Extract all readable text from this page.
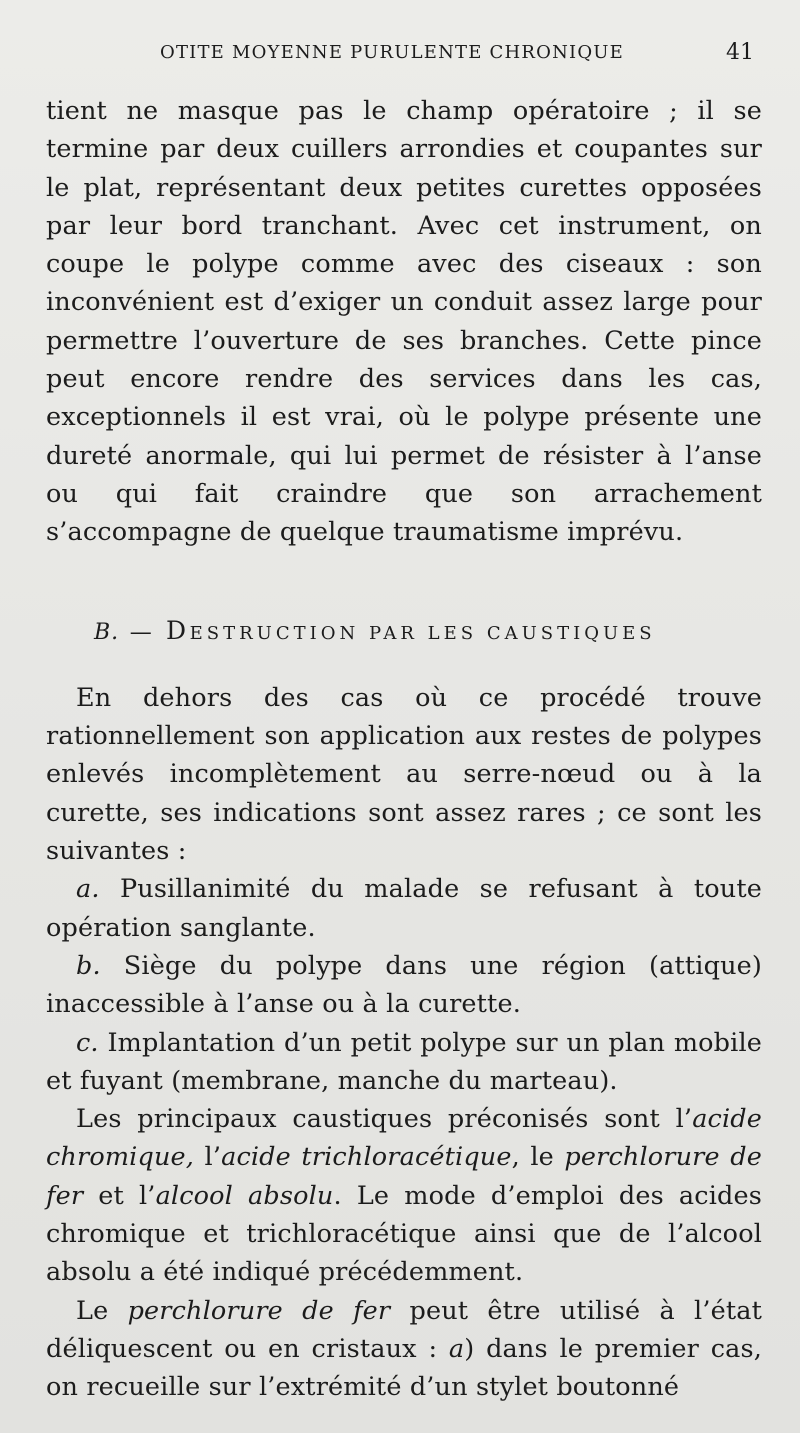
OTITE MOYENNE PURULENTE CHRONIQUE	41

tient ne masque pas le champ opératoire ; il se termine par deux cuillers arrondies et coupantes sur le plat, représentant deux petites curettes opposées par leur bord tranchant. Avec cet instrument, on coupe le polype comme avec des ciseaux : son inconvénient est d’exiger un conduit assez large pour permettre l’ouverture de ses branches. Cette pince peut encore rendre des services dans les cas, exceptionnels il est vrai, où le polype présente une dureté anormale, qui lui permet de résister à l’anse ou qui fait craindre que son arrachement s’accompagne de quelque traumatisme imprévu.

B. — DESTRUCTION PAR LES CAUSTIQUES

En dehors des cas où ce procédé trouve rationnellement son application aux restes de polypes enlevés incomplètement au serre-nœud ou à la curette, ses indications sont assez rares ; ce sont les suivantes :

a. Pusillanimité du malade se refusant à toute opération sanglante.

b. Siège du polype dans une région (attique) inaccessible à l’anse ou à la curette.

c. Implantation d’un petit polype sur un plan mobile et fuyant (membrane, manche du marteau).

Les principaux caustiques préconisés sont l’acide chromique, l’acide trichloracétique, le perchlorure de fer et l’alcool absolu. Le mode d’emploi des acides chromique et trichloracétique ainsi que de l’alcool absolu a été indiqué précédemment.

Le perchlorure de fer peut être utilisé à l’état déliquescent ou en cristaux : a) dans le premier cas, on recueille sur l’extrémité d’un stylet boutonné
